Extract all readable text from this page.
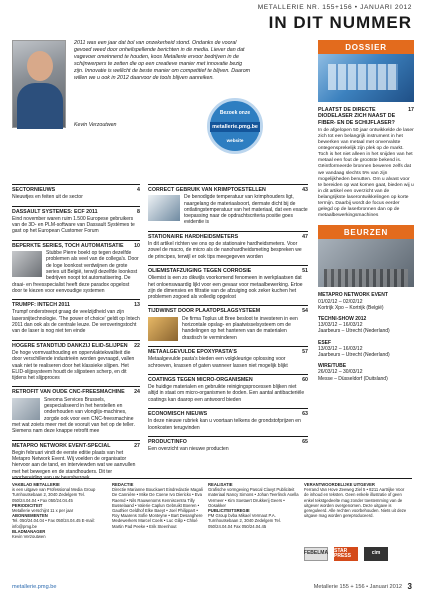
METALLERIE NR. 155+156 • JANUARI 2012
IN DIT NUMMER
2011 was een jaar dat bol van onzekerheid stond. Ondanks de vooral gevoed weed door onheilspellende berichten in de media. Liever dan dat vagevoer onwinnend te houden, koos Metallerie ervoor bedrijven in de schijnwerpers te zetten die op een creatieve manier met innovatie bezig zijn. Innovatie is wellicht de beste manier om competitief te blijven. Daarom willen we u ook in 2012 daarvoor de tools blijven aanreiken.
Kevin Verzoutwen
Bezoek onze
metallerie.pmg.be
website
SECTORNIEUWS	4
Nieuwtjes en feiten uit de sector
DASSAULT SYSTEMES: ECF 2011	8
Eind november waren ruim 1.500 Europese gebruikers van de 3D- en PLM-software van Dassault Systèmes te gast op het European Customer Forum
BEPERKTE SERIES, TOCH AUTOMATISATIE 10
Stubbe Pierre boekt op tegen dezelfde problemen als veel van de collega's. Door de loge loonkost verdwijnen de grote series uit België, terwijl dezelfde loonkost bedrijven noopt tot automatisering. De draai- en freesspecialist heeft deze paradox opgelost door te kiezen voor eenvoudige systemen
TRUMPF: INTECH 2011	13
Trumpf onderstreept graag de veelzijdheid van zijn lasersnijtechnologie. 'The power of choice' geldt op Intech 2011 dan ook als de centrale leuze. De veroveringstocht van de laser is nog niet ten einde
HOGERE STANDTIJD DANKZIJ ELID-SLIJPEN 22
De hoge vormvasthouding en oppervlaktekwaliteit die door verschillende industrieën worden gevraagd, vallen vaak niet te realiseren door het klassieke slijpen. Het ELID-slijpsysteem houdt de slijpsteen scherp, en dit tijdens het slijpproces
RETROFIT VAN OUDE CNC-FREESMACHINE 24
Sneoma Services Brussels, gespecialiseerd in het herstellen en onderhouden van vlonglijs-machines, zorgde ook voor een CNC-freesmachine met wat zoiets meer met de vooruit van het op de teller. Siemens nam deze knappe retrofit mee
METAPRO NETWORK EVENT-SPECIAL	27
Begin februari vindt de eerste editie plaats van het Metapro Network Event. Wij voelden de organisator hiervoor aan de tand, en interviewden wat we aanvullen met het bewegen en de standhouders. Dit ter voorbereiding van uw beursbezoek
CORRECT GEBRUIK VAN KRIMPTOESTELLEN	43
De benodigde temperatuur van krimphouders ligt, naargelang de materiaalsoort, dermate dicht bij de ontlatingstemperatuur van het materiaal, dat een exacte toepassing naar de opdrachtscriteria positie goes evidentie is
STATIONAIRE HARDHEIDSMETERS	47
In dit artikel richten we ons op de stationaire hardheidsmeters. Voor zowel de macro, de micro als de nanohardheidsmeting bespreken we de principes, terwijl er ook tips meegegeven worden
OLIEMISTAFZUIGING TEGEN CORROSIE	51
Oliemist is een zo dikwijls voorkomend fenomeen in werkplaatsen dat het onloenswaardig lijkt voor een gevaar voor metaalbewerking. Ertoe zijn de dimensies en filtratie van de afzuiging ook zeker kuchen het problemen zogoed als volledig opgelost
TIJDWINST DOOR PLAATOPSLAGSYSTEEM	54
De firma Toplus uit Bree besloot te investeren in een horizontale opslag- en plaatwisselsysteem om de handelingen op het hanteren van de materialen drastisch te verminderen
METAALGEVULDE EPOXYPASTA'S	57
Metaalgevulde pasta's bieden een volgkleurige oplossing voor schroeven, krassen of gaten wanneer lassen niet mogelijk blijkt
COATINGS TEGEN MICRO-ORGANISMEN	60
De huidige materialen en gebruikte reinigingsprocessen blijken niet altijd in staat om micro-organismen te doden. Een aantal antibacteriële coatings kan daarop een antwoord bieden
ECONOMISCH NIEUWS	63
In deze nieuwe rubriek kan u voortaan telkens de grondstofprijzen en loonkosten terugvinden
PRODUCTINFO	65
Een overzicht van nieuwe producten
DOSSIER
PLAATST DE DIRECTE DIODELASER ZICH NAAST DE FIBER- EN DE SCHIJFLASER?
17
In de afgelopen 50 jaar ontwikkelde de laser zich tot een belangrijk instrument in het bewerken van metaal met onvervalste ontegensprekelijk zijn plek op de markt. Toch is het niet alleen in het snijden van het metaal een fout de grootste bekend is. Gëintformeerde bronnen beweren zelfs dat we vandaag slechts 5% van zijn mogelijkheden benutten. Om u alvast voor te bereiden op wat komen gaat, bieden wij u in dit artikel een overzicht van de belangrijkste laserontwikkelingen op korte termijn. Daarbij wordt de focus eerder gelegd op de laserbronnen dan op de metaalbewerkingsmachines
BEURZEN
METAPRO NETWORK EVENT
01/02/12 – 02/02/12
Kortrijk Xpo – Kortrijk (België)
TECHNI-SHOW 2012
13/03/12 – 16/03/12
Jaarbeurs – Utrecht (Nederland)
ESEF
13/03/12 – 16/03/12
Jaarbeurs – Utrecht (Nederland)
WIRE/TUBE
26/03/12 – 30/03/12
Messe – Düsseldorf (Duitsland)
VAKBLAD METALLERIE
is een uitgave van Professional Media Group Turnhoutsebaan 2, 3040 Zedelgem Tel. 050/24.04.04 • Fax 050/24.04.45
PERIODICITEIT
Metallerie verschijnt 11 x per jaar
ABONNEMENTEN
Tel. 050/24.04.04 • Fax 050/24.04.45 E-mail: info@pmg.be
BLADMANAGER
Kevin Verzoutwen
REDACTIE
Directie Marianne Bouckaert Eindredactie Magali De Cannière • Mike De Coene Ivo Dierickx • Eva Raemd • Nils Rauwenoms Kenniscentra Tilly Busselaand • Valerie Caplun Gebruikt Boeren • Gauthier Geldhof Elke Baeyt • Joel Philippart • Roy Maarens Sofie Monteyne • Bart Desanghere Medewerkers Marcel Coels • Luc Gilip • Chloé Martin Pad Peeke • Erik Steenhout
REALISATIE
Grafische vormgeving Pascal Clavyt Publiciteit materiaal Nancy Simons • Johan Teerlinck Axella Vermeer • Kim Soetaert Drukkerij Geers • Oosakker
PUBLICITEITSREGIE
PM Group bvba Mikael Vermaut P.A. Turnhoutsebaan 2, 3040 Zedelgem Tel. 050/24.04.04 Fax 050/24.04.45
VERANTWOORDELIJKE UITGEVER
Ferrand Van Hove Zeeweg Ziel 5 • 8211 Aartrijke Voor de inhoud en teksten. Geen enkele illustratie of geen enkel tekstgedeelte mag zonder toestemming van de uitgever worden overgenomen. Deze uitgave is gereguleerd. Alle rechten voorbehouden. Niets uit deze uitgave mag worden gereproduceerd.
FEBELMA STAR PRESS	cim
metallerie.pmg.be	Metallerie 155 + 156 • Januari 2012 3
